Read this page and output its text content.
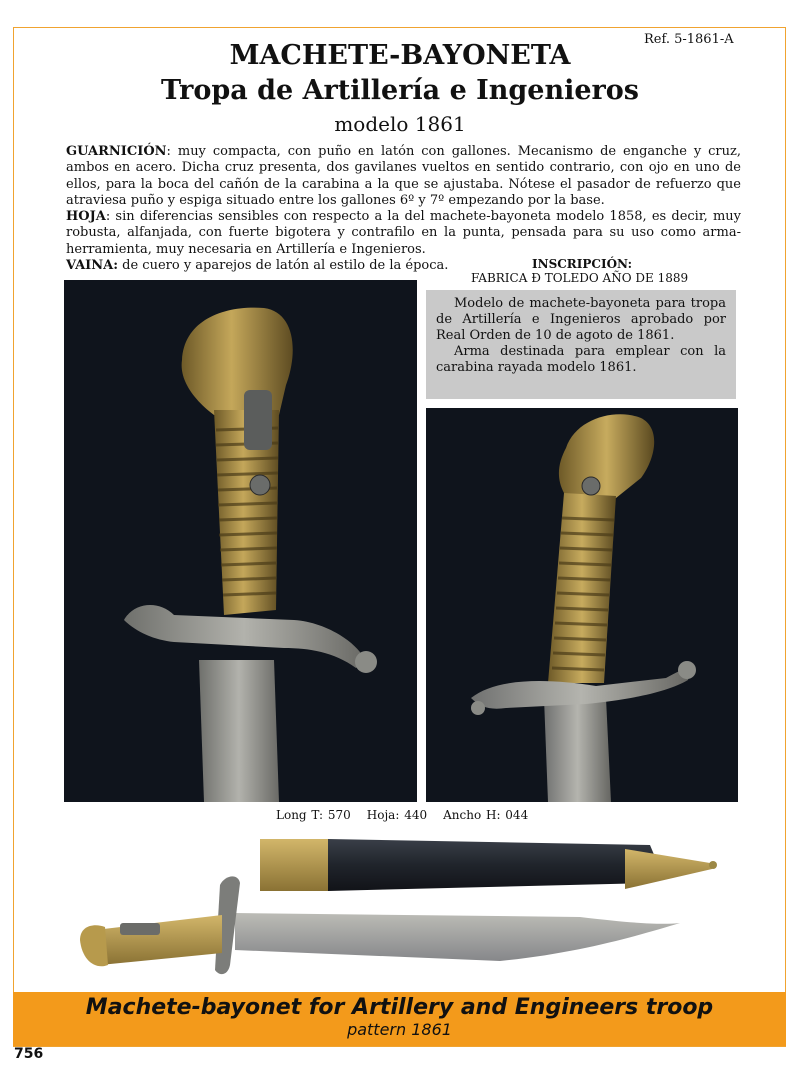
Ref. 5-1861-A
MACHETE-BAYONETA
Tropa de Artillería e Ingenieros
modelo 1861

GUARNICIÓN: muy compacta, con puño en latón con gallones. Mecanismo de enganche y cruz, ambos en acero. Dicha cruz presenta, dos gavilanes vueltos en sentido contrario, con ojo en uno de ellos, para la boca del cañón de la carabina a la que se ajustaba. Nótese el pasador de refuerzo que atraviesa puño y espiga situado entre los gallones 6º y 7º empezando por la base.

HOJA: sin diferencias sensibles con respecto a la del machete-bayoneta modelo 1858, es decir, muy robusta, alfanjada, con fuerte bigotera y contrafilo en la punta, pensada para su uso como arma-herramienta, muy necesaria en Artillería e Ingenieros.

VAINA: de cuero y aparejos de latón al estilo de la época.	INSCRIPCIÓN:
FABRICA Ð TOLEDO AÑO DE 1889

Modelo de machete-bayoneta para tropa de Artillería e Ingenieros aprobado por Real Orden de 10 de agoto de 1861.

Arma destinada para emplear con la carabina rayada modelo 1861.

Long T: 570 Hoja: 440 Ancho H: 044
Machete-bayonet for Artillery and Engineers troop
pattern 1861
756
